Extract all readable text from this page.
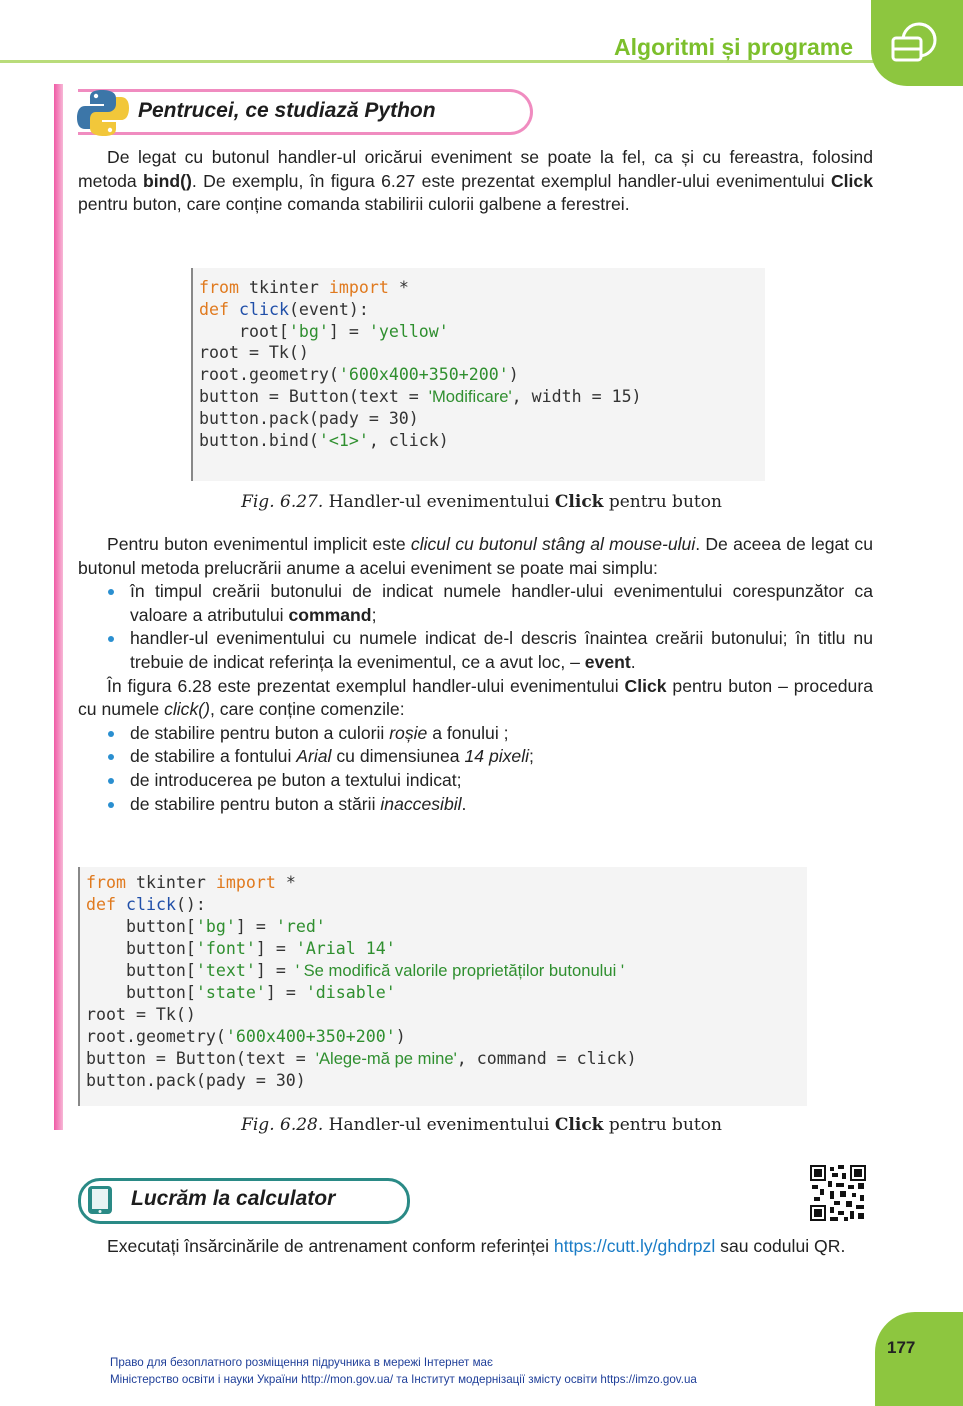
Algoritmi și programe
Pentrucei, ce studiază Python

De legat cu butonul handler-ul oricărui eveniment se poate la fel, ca și cu fereastra, folosind metoda bind(). De exemplu, în figura 6.27 este prezentat exemplul handler-ului evenimentului Click pentru buton, care conține comanda stabilirii culorii galbene a ferestrei.

from tkinter import *
def click(event):
root['bg'] = 'yellow'
root = Tk()
root.geometry('600x400+350+200')
button = Button(text = 'Modificare', width = 15)
button.pack(pady = 30)
button.bind('<1>', click)
Fig. 6.27. Handler-ul evenimentului Click pentru buton

Pentru buton evenimentul implicit este clicul cu butonul stâng al mouse-ului. De aceea de legat cu butonul metoda prelucrării anume a acelui eveniment se poate mai simplu:

în timpul creării butonului de indicat numele handler-ului evenimentului corespunzător ca valoare a atributului command;
handler-ul evenimentului cu numele indicat de-l descris înaintea creării butonului; în titlu nu trebuie de indicat referința la evenimentul, ce a avut loc, – event.

În figura 6.28 este prezentat exemplul handler-ului evenimentului Click pentru buton – procedura cu numele click(), care conține comenzile:

de stabilire pentru buton a culorii roșie a fonului ;
de stabilire a fontului Arial cu dimensiunea 14 pixeli;
de introducerea pe buton a textului indicat;
de stabilire pentru buton a stării inaccesibil.
from tkinter import *
def click():
button['bg'] = 'red'
button['font'] = 'Arial 14'
button['text'] = ' Se modifică valorile proprietăților butonului '
button['state'] = 'disable'
root = Tk()
root.geometry('600x400+350+200')
button = Button(text = 'Alege-mă pe mine', command = click)
button.pack(pady = 30)
Fig. 6.28. Handler-ul evenimentului Click pentru buton
Lucrăm la calculator

Executați însărcinările de antrenament conform referinței https://cutt.ly/ghdrpzl sau codului QR.

177
Право для безоплатного розміщення підручника в мережі Інтернет має
Міністерство освіти і науки України http://mon.gov.ua/ та Інститут модернізації змісту освіти https://imzo.gov.ua
